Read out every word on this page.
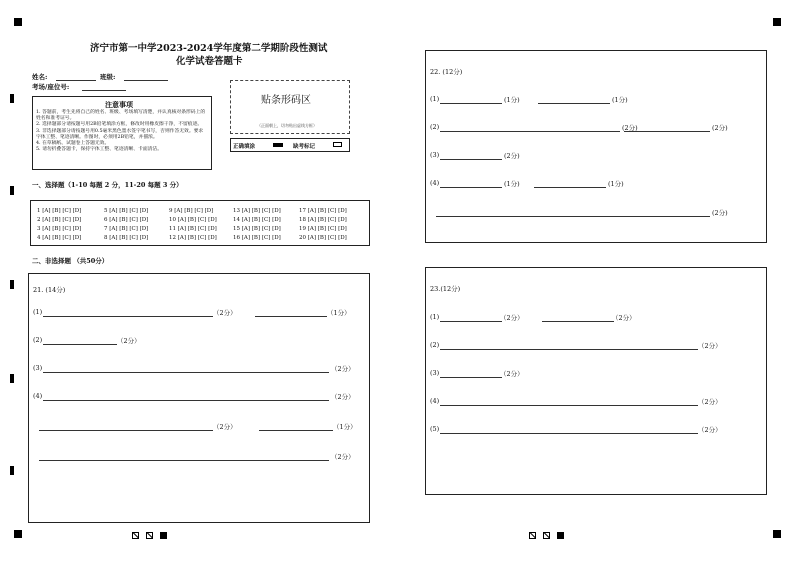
济宁市第一中学2023-2024学年度第二学期阶段性测试
化学试卷答题卡
姓名:	班级:
考场/座位号:
注意事项
1. 答题前，考生先将自己的姓名、班级、考场填写清楚，并认真核对条形码上的姓名和准考证号。
2. 选择题部分请按题号用2B铅笔填涂方框，修改时用橡皮擦干净，不留痕迹。
3. 非选择题部分请按题号用0.5毫米黑色墨水签字笔书写，否则作答无效。要求字体工整、笔迹清晰。作图时，必须用2B铅笔，并描浓。
4. 在草稿纸、试题卷上答题无效。
5. 请勿折叠答题卡，保持字体工整、笔迹清晰、卡面清洁。
贴条形码区
（正面朝上，切勿贴出虚线方框）
正确填涂	缺考标记
一、选择题（1-10 每题 2 分，11-20 每题 3 分）
1 [A] [B] [C] [D]
2 [A] [B] [C] [D]
3 [A] [B] [C] [D]
4 [A] [B] [C] [D]
5 [A] [B] [C] [D]
6 [A] [B] [C] [D]
7 [A] [B] [C] [D]
8 [A] [B] [C] [D]
9 [A] [B] [C] [D]
10 [A] [B] [C] [D]
11 [A] [B] [C] [D]
12 [A] [B] [C] [D]
13 [A] [B] [C] [D]
14 [A] [B] [C] [D]
15 [A] [B] [C] [D]
16 [A] [B] [C] [D]
17 [A] [B] [C] [D]
18 [A] [B] [C] [D]
19 [A] [B] [C] [D]
20 [A] [B] [C] [D]
二、非选择题 （共50分）
21. (14分)
(1)	（2分）	（1分）
(2)	（2分）
(3)	（2分）
(4)	（2分）
（2分）	（1分）
（2分）
22. (12分)
(1)	(1分)	(1分)
(2)	(2分)	(2分)
(3)	(2分)
(4)	(1分)	(1分)
(2分)
23.(12分)
(1)	（2分）	（2分）
(2)	（2分）
(3)	（2分）
(4)	（2分）
(5)	（2分）
